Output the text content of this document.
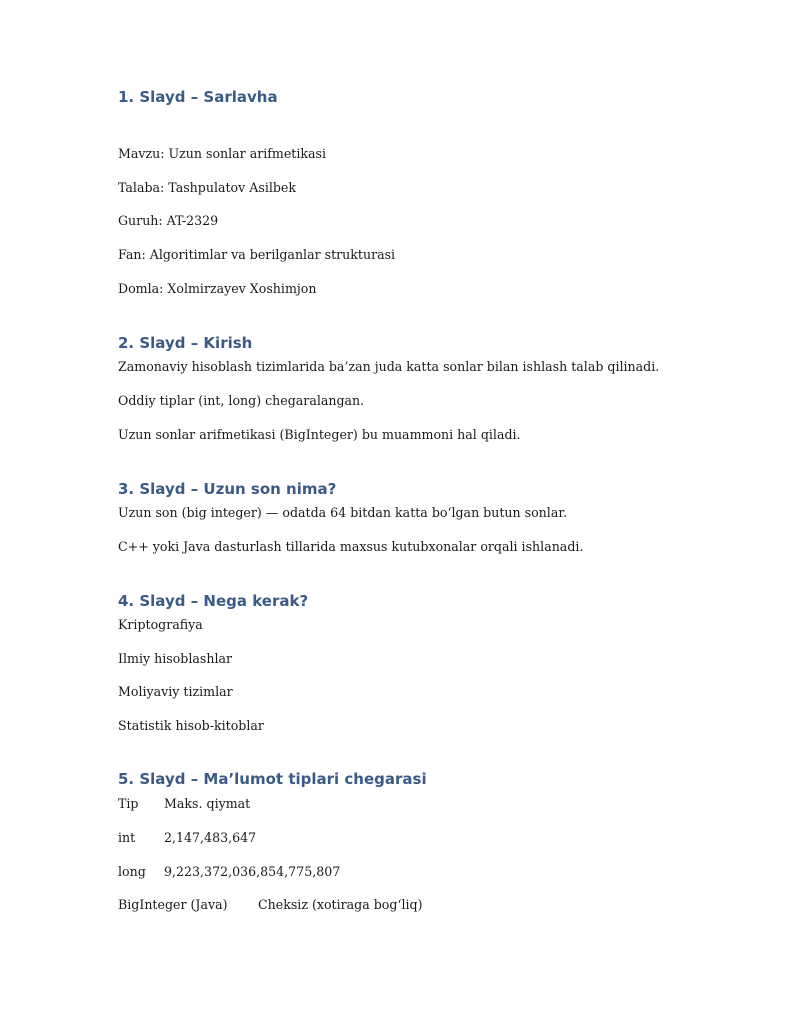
1. Slayd – Sarlavha

Mavzu: Uzun sonlar arifmetikasi

Talaba: Tashpulatov Asilbek

Guruh: AT-2329

Fan: Algoritimlar va berilganlar strukturasi

Domla: Xolmirzayev Xoshimjon

2. Slayd – Kirish

Zamonaviy hisoblash tizimlarida ba’zan juda katta sonlar bilan ishlash talab qilinadi.

Oddiy tiplar (int, long) chegaralangan.

Uzun sonlar arifmetikasi (BigInteger) bu muammoni hal qiladi.

3. Slayd – Uzun son nima?

Uzun son (big integer) — odatda 64 bitdan katta bo‘lgan butun sonlar.

C++ yoki Java dasturlash tillarida maxsus kutubxonalar orqali ishlanadi.

4. Slayd – Nega kerak?

Kriptografiya

Ilmiy hisoblashlar

Moliyaviy tizimlar

Statistik hisob-kitoblar

5. Slayd – Ma’lumot tiplari chegarasi

Tip Maks. qiymat

int 2,147,483,647

long 9,223,372,036,854,775,807

BigInteger (Java) Cheksiz (xotiraga bog‘liq)
